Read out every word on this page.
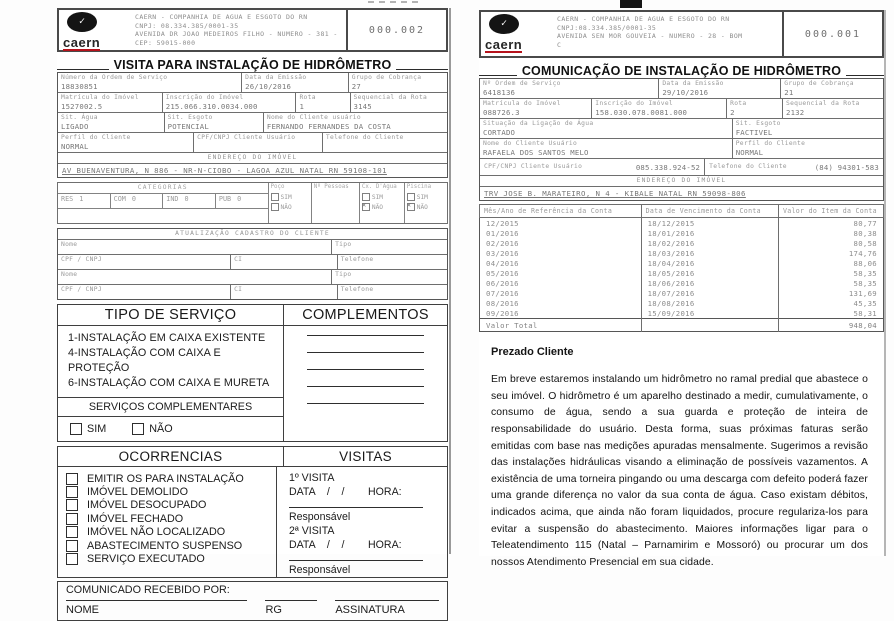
✓
caern
CAERN - COMPANHIA DE AGUA E ESGOTO DO RN
CNPJ: 08.334.385/0001-35
AVENIDA DR JOAO MEDEIROS FILHO - NUMERO - 381 -
CEP: 59015-000
000.002
VISITA PARA INSTALAÇÃO DE HIDRÔMETRO
Número da Ordem de Serviço
18830851
Data da Emissão
26/10/2016
Grupo de Cobrança
27
Matrícula do Imóvel
1527002.5
Inscrição do Imóvel
215.066.310.0034.000
Rota
1
Sequencial da Rota
3145
Sit. Água
LIGADO
Sit. Esgoto
POTENCIAL
Nome do Cliente usuário
FERNANDO FERNANDES DA COSTA
Perfil do Cliente
NORMAL
CPF/CNPJ Cliente Usuário	Telefone do Cliente
ENDEREÇO DO IMÓVEL
AV BUENAVENTURA, N 886 - NR-N-CIOBO - LAGOA AZUL NATAL RN 59108-101
CATEGORIAS
RES 1	COM 0	IND 0	PUB 0
Poço
SIM
NÃO
Nº Pessoas	Cx. D'Água
SIM
✕
NÃO
Piscina
SIM
✕
NÃO
ATUALIZAÇÃO CADASTRO DO CLIENTE
Nome	Tipo
CPF / CNPJ	CI	Telefone
Nome	Tipo
CPF / CNPJ	CI	Telefone
TIPO DE SERVIÇO	COMPLEMENTOS
1-INSTALAÇÃO EM CAIXA EXISTENTE
4-INSTALAÇÃO COM CAIXA E PROTEÇÃO
6-INSTALAÇÃO COM CAIXA E MURETA
SERVIÇOS COMPLEMENTARES
SIM	NÃO
OCORRENCIAS	VISITAS
EMITIR OS PARA INSTALAÇÃO
IMÓVEL DEMOLIDO
IMÓVEL DESOCUPADO
IMÓVEL FECHADO
IMÓVEL NÃO LOCALIZADO
ABASTECIMENTO SUSPENSO
SERVIÇO EXECUTADO
1º VISITA
DATA    /    /        HORA:
Responsável
2ª VISITA
DATA    /    /        HORA:
Responsável
COMUNICADO RECEBIDO POR:
NOME	RG	ASSINATURA
✓
caern
CAERN - COMPANHIA DE AGUA E ESGOTO DO RN
CNPJ:08.334.385/0001-35
AVENIDA SEN MOR GOUVEIA - NUMERO - 28 - BOM
C
000.001
COMUNICAÇÃO DE INSTALAÇÃO DE HIDRÔMETRO
Nº Ordem de Serviço
6418136
Data da Emissão
29/10/2016
Grupo de Cobrança
21
Matrícula do Imóvel
088726.3
Inscrição do Imóvel
158.030.078.0081.000
Rota
2
Sequencial da Rota
2132
Situação da Ligação de Água
CORTADO
Sit. Esgoto
FACTIVEL
Nome do Cliente Usuário
RAFAELA DOS SANTOS MELO
Perfil do Cliente
NORMAL
CPF/CNPJ Cliente Usuário	085.338.924-52 Telefone do Cliente	(84) 94301-583
ENDEREÇO DO IMÓVEL
TRV JOSE B. MARATEIRO, N 4 - KIBALE NATAL RN 59098-806
Mês/Ano de Referência da Conta	Data de Vencimento da Conta	Valor do Item da Conta
12/2015	18/12/2015	80,77
01/2016	18/01/2016	80,38
02/2016	18/02/2016	80,58
03/2016	18/03/2016	174,76
04/2016	18/04/2016	88,06
05/2016	18/05/2016	58,35
06/2016	18/06/2016	58,35
07/2016	18/07/2016	131,69
08/2016	18/08/2016	45,35
09/2016	15/09/2016	58,31
Valor Total		948,04
Prezado Cliente
Em breve estaremos instalando um hidrômetro no ramal predial que abastece o seu imóvel. O hidrômetro é um aparelho destinado a medir, cumulativamente, o consumo de água, sendo a sua guarda e proteção de inteira de responsabilidade do usuário. Desta forma, suas próximas faturas serão emitidas com base nas medições apuradas mensalmente. Sugerimos a revisão das instalações hidráulicas visando a eliminação de possíveis vazamentos. A existência de uma torneira pingando ou uma descarga com defeito poderá fazer uma grande diferença no valor da sua conta de água. Caso existam débitos, indicados acima, que ainda não foram liquidados, procure regulariza-los para evitar a suspensão do abastecimento. Maiores informações ligar para o Teleatendimento 115 (Natal – Parnamirim e Mossoró) ou procurar um dos nossos Atendimento Presencial em sua cidade.
